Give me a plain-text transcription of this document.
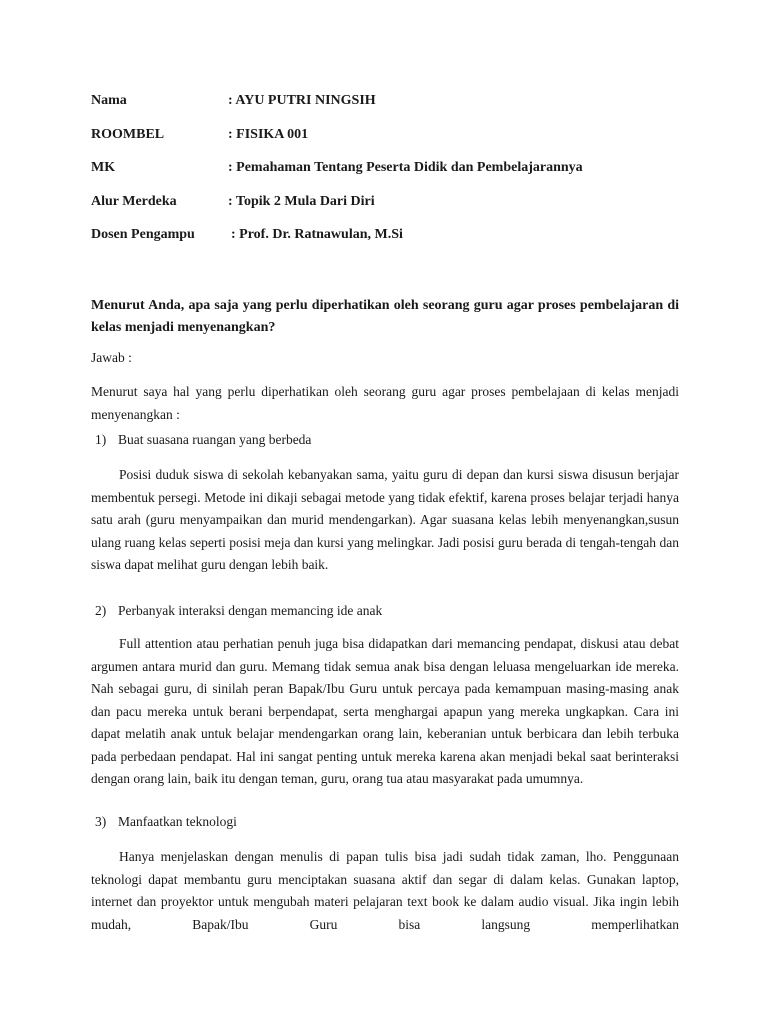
Nama	: AYU PUTRI NINGSIH
ROOMBEL	: FISIKA 001
MK	: Pemahaman Tentang Peserta Didik dan Pembelajarannya
Alur Merdeka	: Topik 2 Mula Dari Diri
Dosen Pengampu	: Prof. Dr. Ratnawulan, M.Si
Menurut Anda, apa saja yang perlu diperhatikan oleh seorang guru agar proses pembelajaran di kelas menjadi menyenangkan?
Jawab :
Menurut saya hal yang perlu diperhatikan oleh seorang guru agar proses pembelajaan di kelas menjadi menyenangkan :
1) Buat suasana ruangan yang berbeda
Posisi duduk siswa di sekolah kebanyakan sama, yaitu guru di depan dan kursi siswa disusun berjajar membentuk persegi. Metode ini dikaji sebagai metode yang tidak efektif, karena proses belajar terjadi hanya satu arah (guru menyampaikan dan murid mendengarkan). Agar suasana kelas lebih menyenangkan,susun ulang ruang kelas seperti posisi meja dan kursi yang melingkar. Jadi posisi guru berada di tengah-tengah dan siswa dapat melihat guru dengan lebih baik.
2) Perbanyak interaksi dengan memancing ide anak
Full attention atau perhatian penuh juga bisa didapatkan dari memancing pendapat, diskusi atau debat argumen antara murid dan guru. Memang tidak semua anak bisa dengan leluasa mengeluarkan ide mereka. Nah sebagai guru, di sinilah peran Bapak/Ibu Guru untuk percaya pada kemampuan masing-masing anak dan pacu mereka untuk berani berpendapat, serta menghargai apapun yang mereka ungkapkan. Cara ini dapat melatih anak untuk belajar mendengarkan orang lain, keberanian untuk berbicara dan lebih terbuka pada perbedaan pendapat. Hal ini sangat penting untuk mereka karena akan menjadi bekal saat berinteraksi dengan orang lain, baik itu dengan teman, guru, orang tua atau masyarakat pada umumnya.
3) Manfaatkan teknologi
Hanya menjelaskan dengan menulis di papan tulis bisa jadi sudah tidak zaman, lho. Penggunaan teknologi dapat membantu guru menciptakan suasana aktif dan segar di dalam kelas. Gunakan laptop, internet dan proyektor untuk mengubah materi pelajaran text book ke dalam audio visual. Jika ingin lebih mudah, Bapak/Ibu Guru bisa langsung memperlihatkan
